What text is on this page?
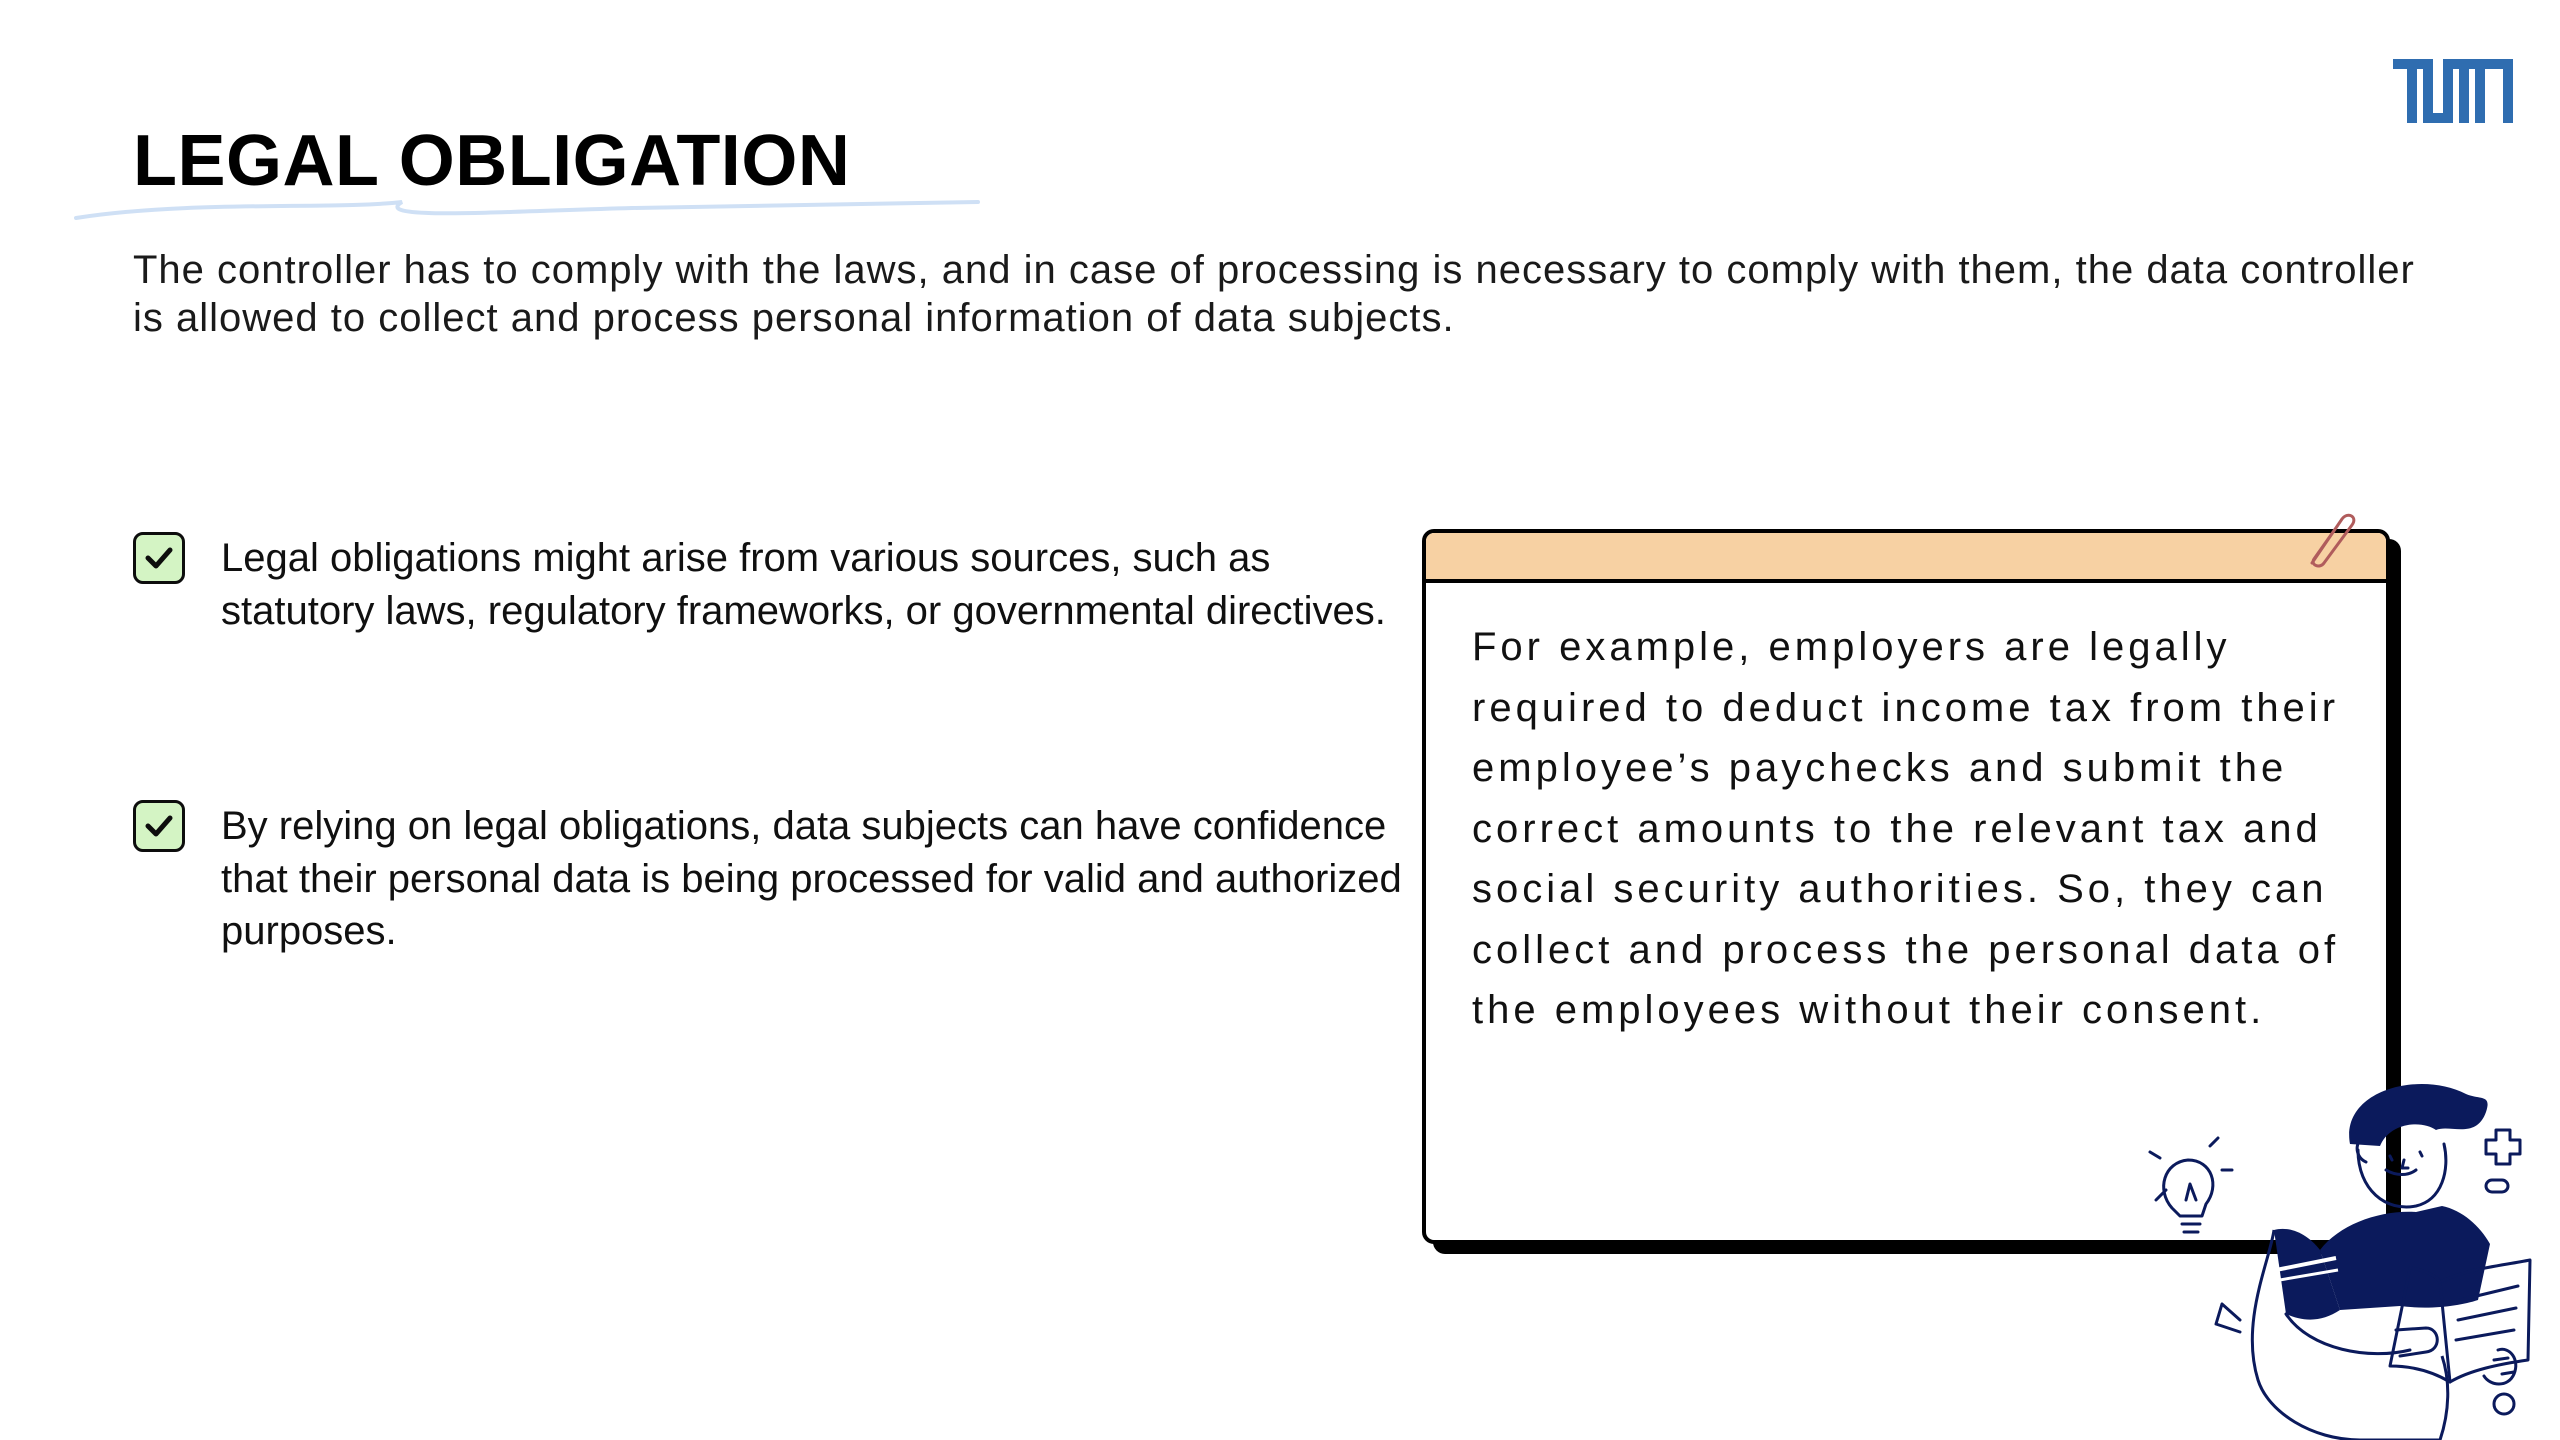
LEGAL OBLIGATION

The controller has to comply with the laws, and in case of processing is necessary to comply with them, the data controller is allowed to collect and process personal information of data subjects.

Legal obligations might arise from various sources, such as statutory laws, regulatory frameworks, or governmental directives.

By relying on legal obligations, data subjects can have confidence that their personal data is being processed for valid and authorized purposes.

For example, employers are legally required to deduct income tax from their employee’s paychecks and submit the correct amounts to the relevant tax and social security authorities. So, they can collect and process the personal data of the employees without their consent.
